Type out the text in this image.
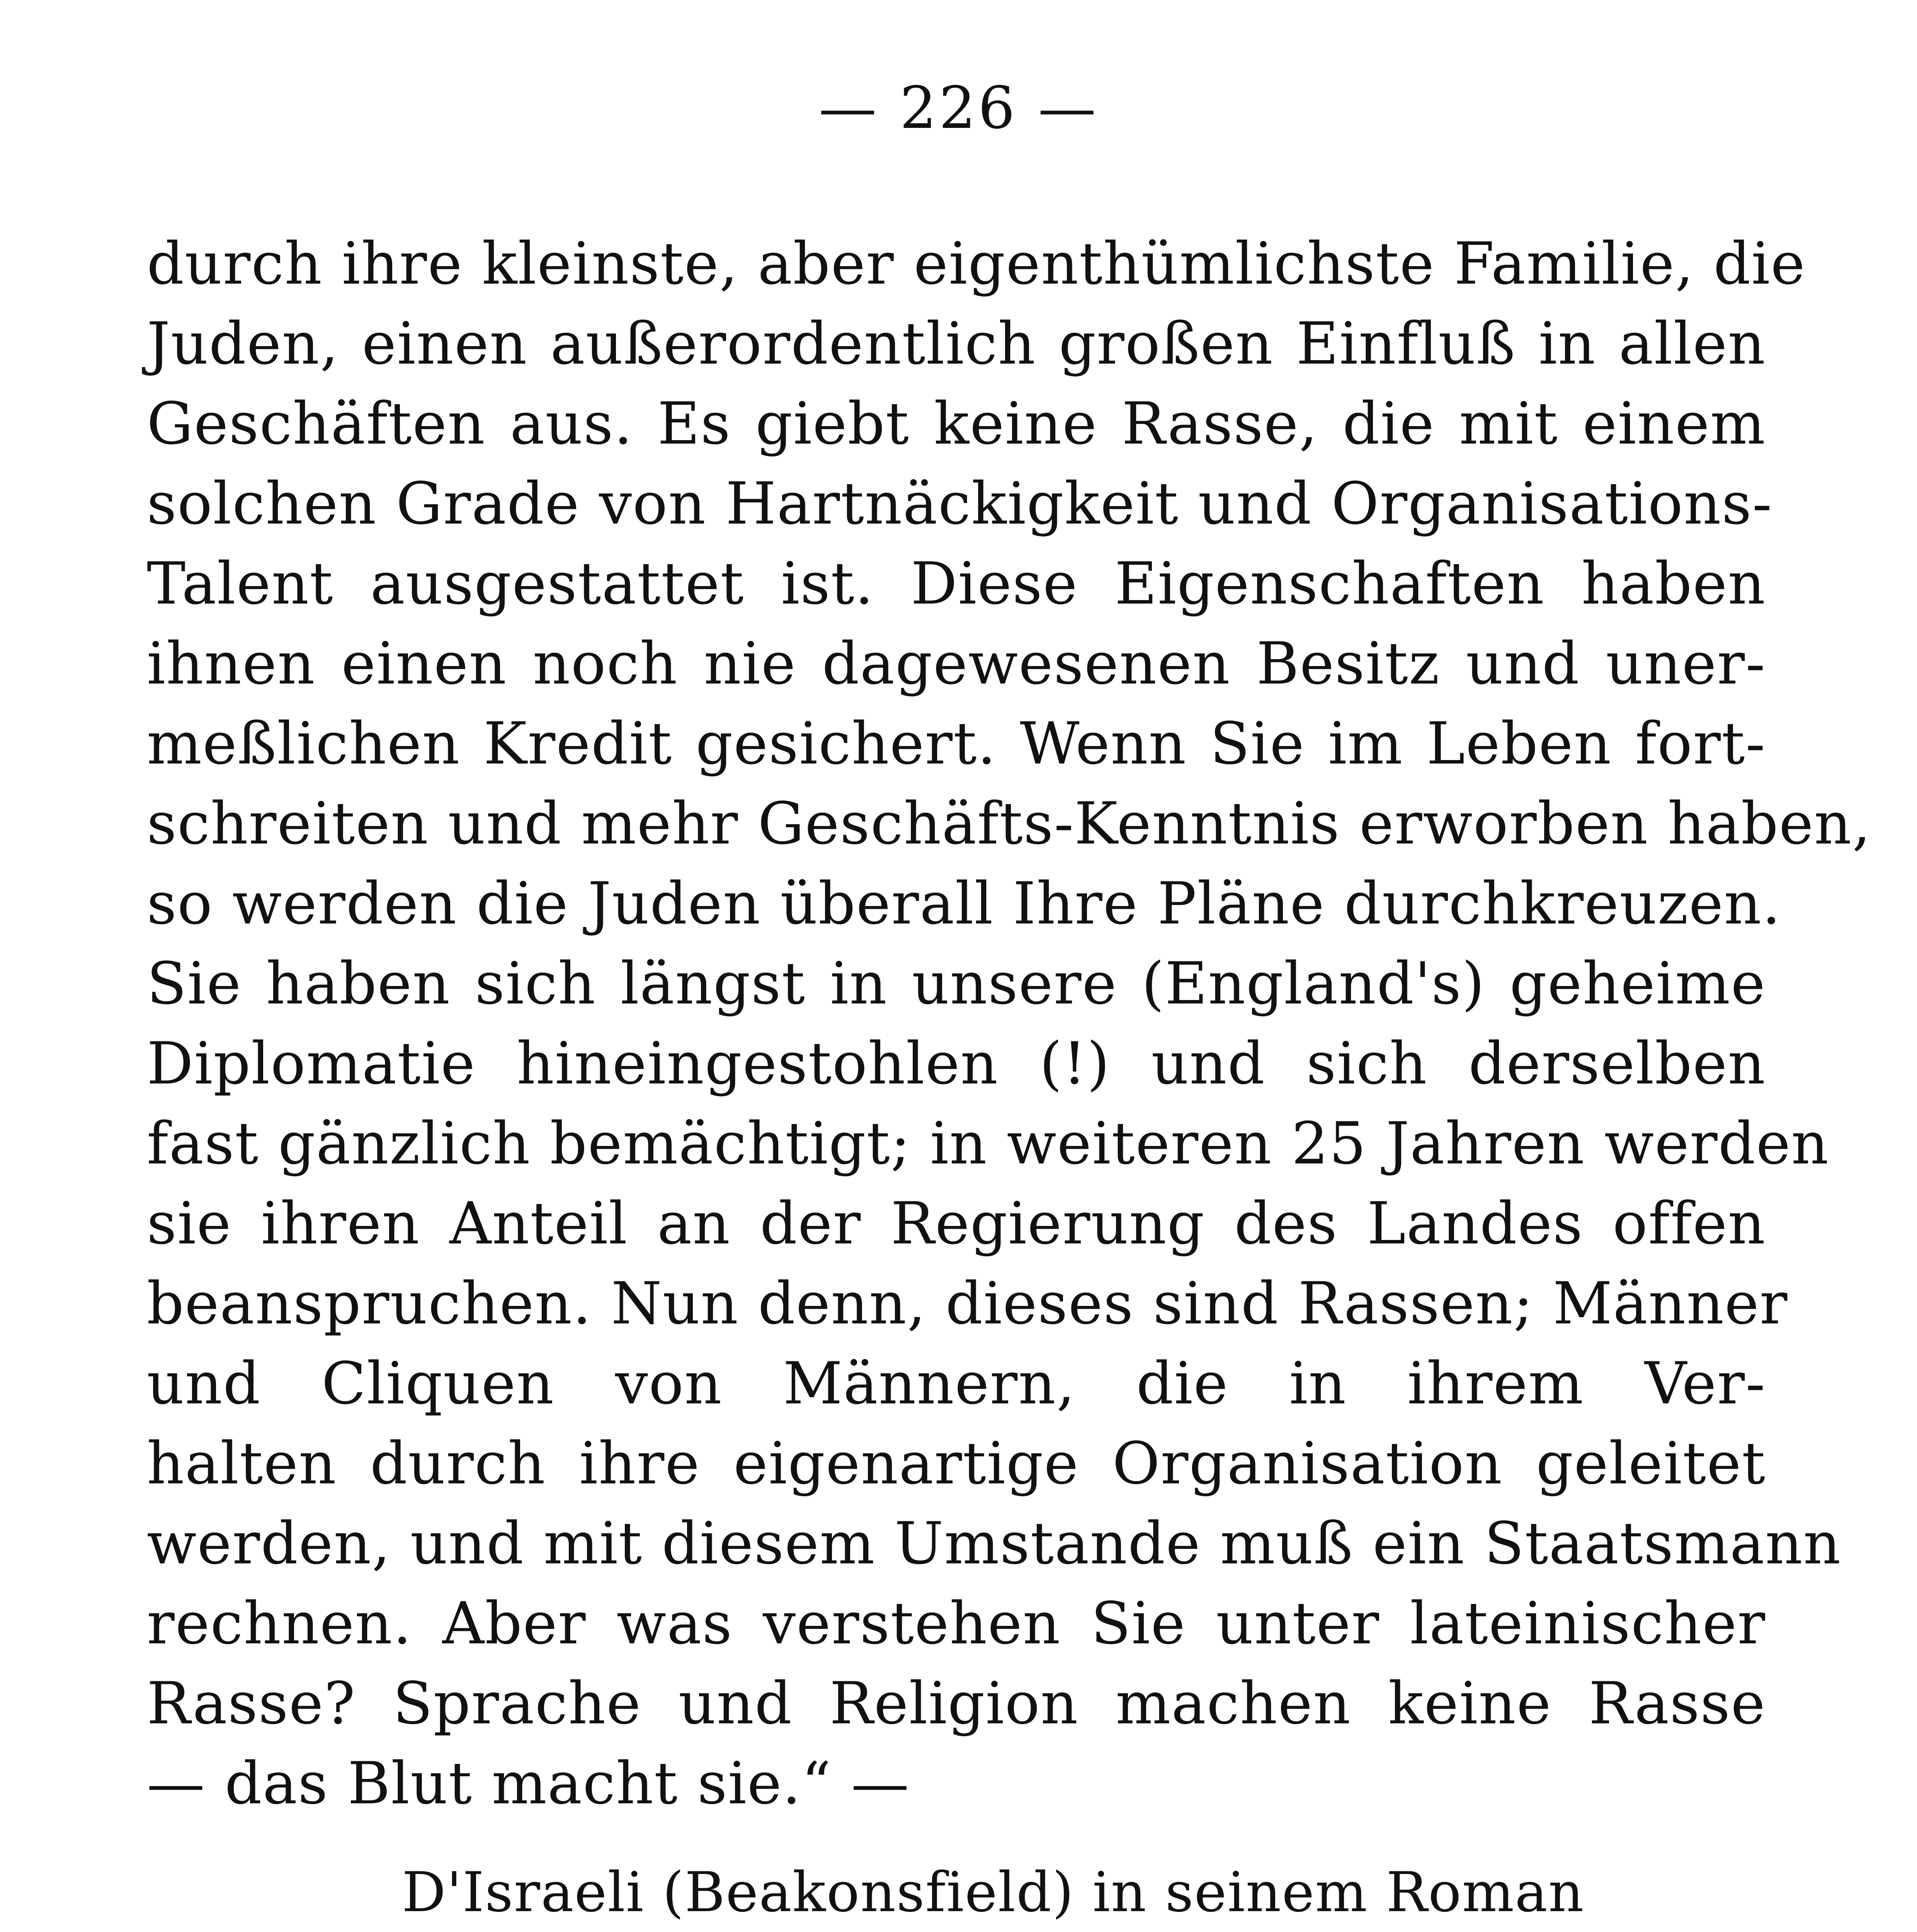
— 226 —
durch ihre kleinste, aber eigenthümlichste Familie, die
Juden, einen außerordentlich großen Einfluß in allen
Geschäften aus. Es giebt keine Rasse, die mit einem
solchen Grade von Hartnäckigkeit und Organisations-
Talent ausgestattet ist. Diese Eigenschaften haben
ihnen einen noch nie dagewesenen Besitz und uner-
meßlichen Kredit gesichert. Wenn Sie im Leben fort-
schreiten und mehr Geschäfts-Kenntnis erworben haben,
so werden die Juden überall Ihre Pläne durchkreuzen.
Sie haben sich längst in unsere (England's) geheime
Diplomatie hineingestohlen (!) und sich derselben
fast gänzlich bemächtigt; in weiteren 25 Jahren werden
sie ihren Anteil an der Regierung des Landes offen
beanspruchen. Nun denn, dieses sind Rassen; Männer
und Cliquen von Männern, die in ihrem Ver-
halten durch ihre eigenartige Organisation geleitet
werden, und mit diesem Umstande muß ein Staatsmann
rechnen. Aber was verstehen Sie unter lateinischer
Rasse? Sprache und Religion machen keine Rasse
— das Blut macht sie.“ —
D'Israeli (Beakonsfield) in seinem Roman
